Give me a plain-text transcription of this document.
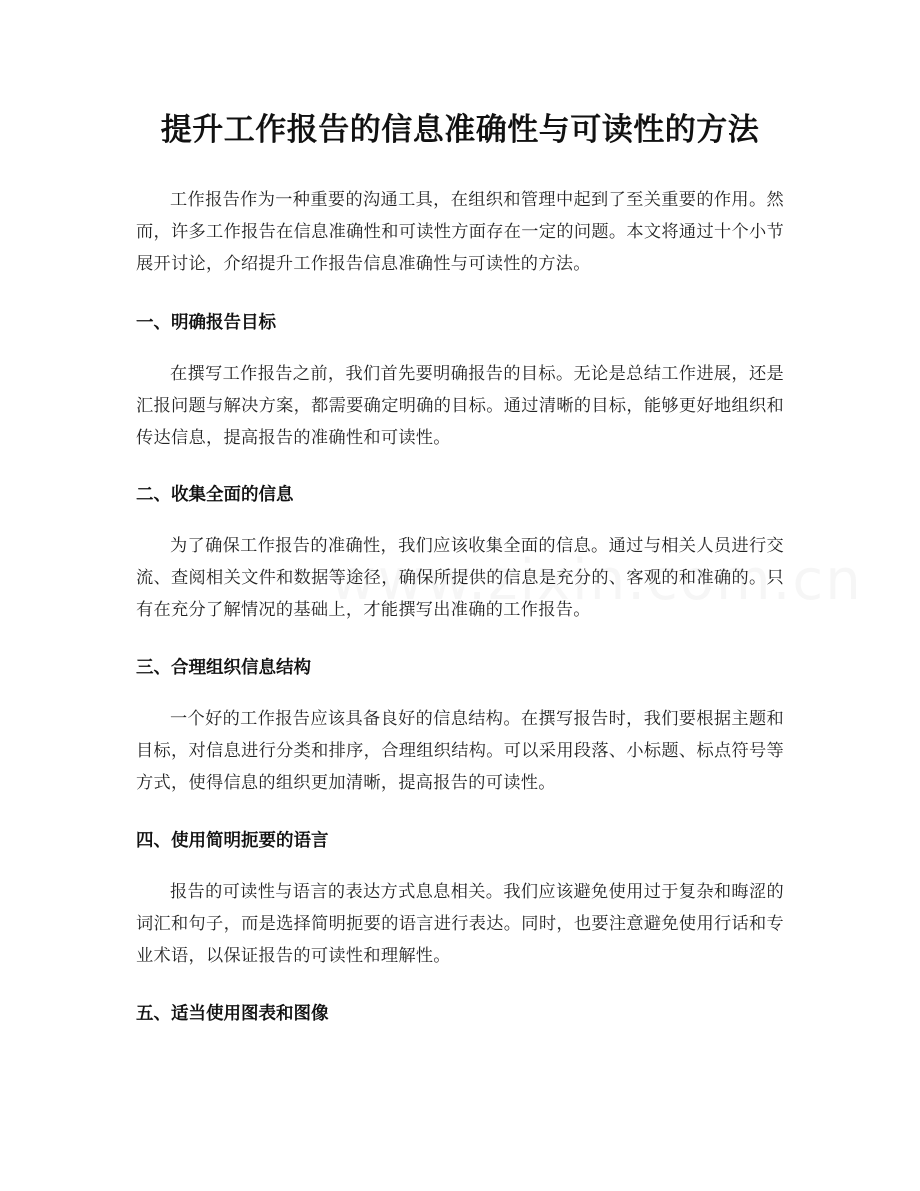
提升工作报告的信息准确性与可读性的方法
工作报告作为一种重要的沟通工具，在组织和管理中起到了至关重要的作用。然而，许多工作报告在信息准确性和可读性方面存在一定的问题。本文将通过十个小节展开讨论，介绍提升工作报告信息准确性与可读性的方法。
一、明确报告目标
在撰写工作报告之前，我们首先要明确报告的目标。无论是总结工作进展，还是汇报问题与解决方案，都需要确定明确的目标。通过清晰的目标，能够更好地组织和传达信息，提高报告的准确性和可读性。
二、收集全面的信息
为了确保工作报告的准确性，我们应该收集全面的信息。通过与相关人员进行交流、查阅相关文件和数据等途径，确保所提供的信息是充分的、客观的和准确的。只有在充分了解情况的基础上，才能撰写出准确的工作报告。
三、合理组织信息结构
一个好的工作报告应该具备良好的信息结构。在撰写报告时，我们要根据主题和目标，对信息进行分类和排序，合理组织结构。可以采用段落、小标题、标点符号等方式，使得信息的组织更加清晰，提高报告的可读性。
四、使用简明扼要的语言
报告的可读性与语言的表达方式息息相关。我们应该避免使用过于复杂和晦涩的词汇和句子，而是选择简明扼要的语言进行表达。同时，也要注意避免使用行话和专业术语，以保证报告的可读性和理解性。
五、适当使用图表和图像
